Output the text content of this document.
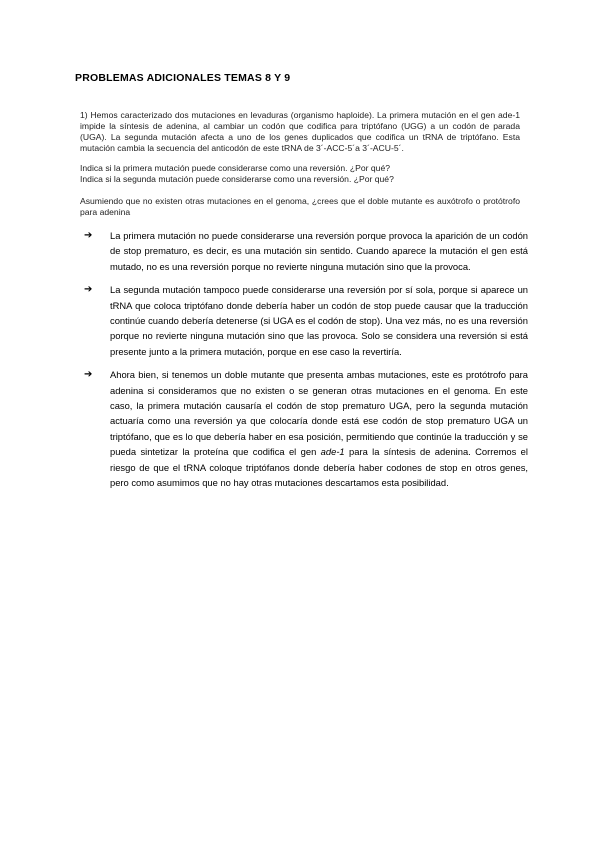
PROBLEMAS ADICIONALES TEMAS 8 Y 9
1) Hemos caracterizado dos mutaciones en levaduras (organismo haploide). La primera mutación en el gen ade-1 impide la síntesis de adenina, al cambiar un codón que codifica para triptófano (UGG) a un codón de parada (UGA). La segunda mutación afecta a uno de los genes duplicados que codifica un tRNA de triptófano. Esta mutación cambia la secuencia del anticodón de este tRNA de 3´-ACC-5´a 3´-ACU-5´.
Indica si la primera mutación puede considerarse como una reversión. ¿Por qué?
Indica si la segunda mutación puede considerarse como una reversión. ¿Por qué?
Asumiendo que no existen otras mutaciones en el genoma, ¿crees que el doble mutante es auxótrofo o protótrofo para adenina
➔ La primera mutación no puede considerarse una reversión porque provoca la aparición de un codón de stop prematuro, es decir, es una mutación sin sentido. Cuando aparece la mutación el gen está mutado, no es una reversión porque no revierte ninguna mutación sino que la provoca.
➔ La segunda mutación tampoco puede considerarse una reversión por sí sola, porque si aparece un tRNA que coloca triptófano donde debería haber un codón de stop puede causar que la traducción continúe cuando debería detenerse (si UGA es el codón de stop). Una vez más, no es una reversión porque no revierte ninguna mutación sino que las provoca. Solo se considera una reversión si está presente junto a la primera mutación, porque en ese caso la revertiría.
➔ Ahora bien, si tenemos un doble mutante que presenta ambas mutaciones, este es protótrofo para adenina si consideramos que no existen o se generan otras mutaciones en el genoma. En este caso, la primera mutación causaría el codón de stop prematuro UGA, pero la segunda mutación actuaría como una reversión ya que colocaría donde está ese codón de stop prematuro UGA un triptófano, que es lo que debería haber en esa posición, permitiendo que continúe la traducción y se pueda sintetizar la proteína que codifica el gen ade-1 para la síntesis de adenina. Corremos el riesgo de que el tRNA coloque triptófanos donde debería haber codones de stop en otros genes, pero como asumimos que no hay otras mutaciones descartamos esta posibilidad.
